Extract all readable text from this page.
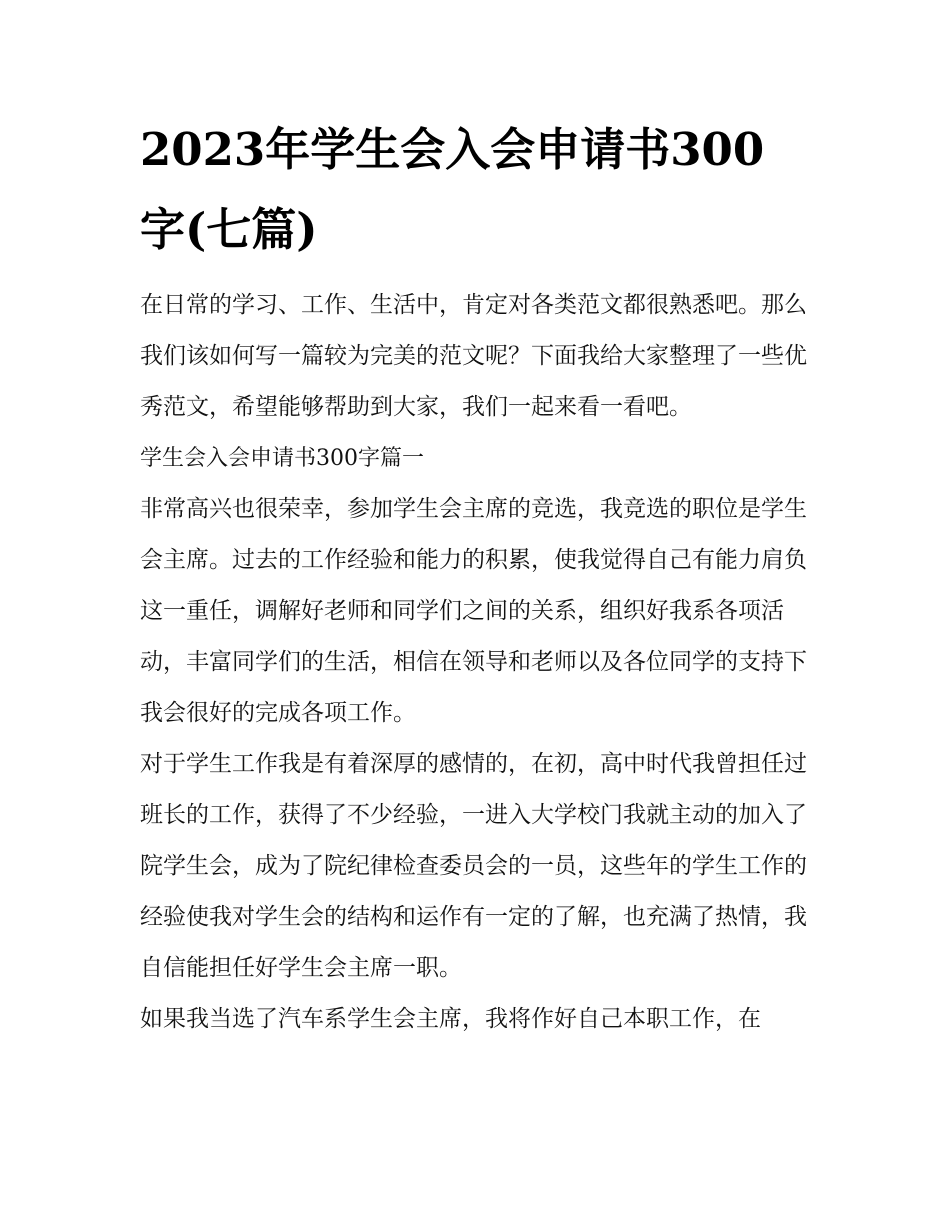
2023年学生会入会申请书300字(七篇)

在日常的学习、工作、生活中，肯定对各类范文都很熟悉吧。那么我们该如何写一篇较为完美的范文呢？下面我给大家整理了一些优秀范文，希望能够帮助到大家，我们一起来看一看吧。

学生会入会申请书300字篇一

非常高兴也很荣幸，参加学生会主席的竞选，我竞选的职位是学生会主席。过去的工作经验和能力的积累，使我觉得自己有能力肩负这一重任，调解好老师和同学们之间的关系，组织好我系各项活动，丰富同学们的生活，相信在领导和老师以及各位同学的支持下我会很好的完成各项工作。

对于学生工作我是有着深厚的感情的，在初，高中时代我曾担任过班长的工作，获得了不少经验，一进入大学校门我就主动的加入了院学生会，成为了院纪律检查委员会的一员，这些年的学生工作的经验使我对学生会的结构和运作有一定的了解，也充满了热情，我自信能担任好学生会主席一职。

如果我当选了汽车系学生会主席，我将作好自己本职工作，在
